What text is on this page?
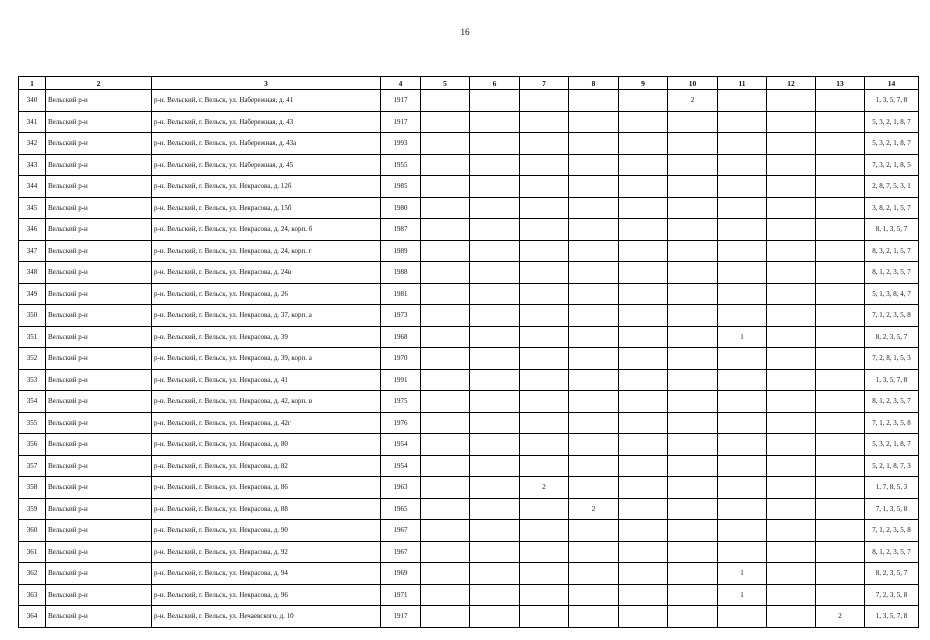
16
1	2	3	4	5	6	7	8	9	10	11	12	13	14
340	Вельский р-н	р-н. Вельский, г. Вельск, ул. Набережная, д. 41	1917						2				1, 3, 5, 7, 8
341	Вельский р-н	р-н. Вельский, г. Вельск, ул. Набережная, д. 43	1917										5, 3, 2, 1, 8, 7
342	Вельский р-н	р-н. Вельский, г. Вельск, ул. Набережная, д. 43а	1993										5, 3, 2, 1, 8, 7
343	Вельский р-н	р-н. Вельский, г. Вельск, ул. Набережная, д. 45	1955										7, 3, 2, 1, 8, 5
344	Вельский р-н	р-н. Вельский, г. Вельск, ул. Некрасова, д. 12б	1985										2, 8, 7, 5, 3, 1
345	Вельский р-н	р-н. Вельский, г. Вельск, ул. Некрасова, д. 15б	1980										3, 8, 2, 1, 5, 7
346	Вельский р-н	р-н. Вельский, г. Вельск, ул. Некрасова, д. 24, корп. б	1987										8, 1, 3, 5, 7
347	Вельский р-н	р-н. Вельский, г. Вельск, ул. Некрасова, д. 24, корп. г	1989										8, 3, 2, 1, 5, 7
348	Вельский р-н	р-н. Вельский, г. Вельск, ул. Некрасова, д. 24в	1988										8, 1, 2, 3, 5, 7
349	Вельский р-н	р-н. Вельский, г. Вельск, ул. Некрасова, д. 26	1981										5, 1, 3, 8, 4, 7
350	Вельский р-н	р-н. Вельский, г. Вельск, ул. Некрасова, д. 37, корп. а	1973										7, 1, 2, 3, 5, 8
351	Вельский р-н	р-н. Вельский, г. Вельск, ул. Некрасова, д. 39	1968							1			8, 2, 3, 5, 7
352	Вельский р-н	р-н. Вельский, г. Вельск, ул. Некрасова, д. 39, корп. а	1970										7, 2, 8, 1, 5, 3
353	Вельский р-н	р-н. Вельский, г. Вельск, ул. Некрасова, д. 41	1991										1, 3, 5, 7, 8
354	Вельский р-н	р-н. Вельский, г. Вельск, ул. Некрасова, д. 42, корп. в	1975										8, 1, 2, 3, 5, 7
355	Вельский р-н	р-н. Вельский, г. Вельск, ул. Некрасова, д. 42г	1976										7, 1, 2, 3, 5, 8
356	Вельский р-н	р-н. Вельский, г. Вельск, ул. Некрасова, д. 80	1954										5, 3, 2, 1, 8, 7
357	Вельский р-н	р-н. Вельский, г. Вельск, ул. Некрасова, д. 82	1954										5, 2, 1, 8, 7, 3
358	Вельский р-н	р-н. Вельский, г. Вельск, ул. Некрасова, д. 86	1963			2							1, 7, 8, 5, 3
359	Вельский р-н	р-н. Вельский, г. Вельск, ул. Некрасова, д. 88	1965				2						7, 1, 3, 5, 8
360	Вельский р-н	р-н. Вельский, г. Вельск, ул. Некрасова, д. 90	1967										7, 1, 2, 3, 5, 8
361	Вельский р-н	р-н. Вельский, г. Вельск, ул. Некрасова, д. 92	1967										8, 1, 2, 3, 5, 7
362	Вельский р-н	р-н. Вельский, г. Вельск, ул. Некрасова, д. 94	1969							1			8, 2, 3, 5, 7
363	Вельский р-н	р-н. Вельский, г. Вельск, ул. Некрасова, д. 96	1971							1			7, 2, 3, 5, 8
364	Вельский р-н	р-н. Вельский, г. Вельск, ул. Нечаевского, д. 10	1917									2	1, 3, 5, 7, 8
